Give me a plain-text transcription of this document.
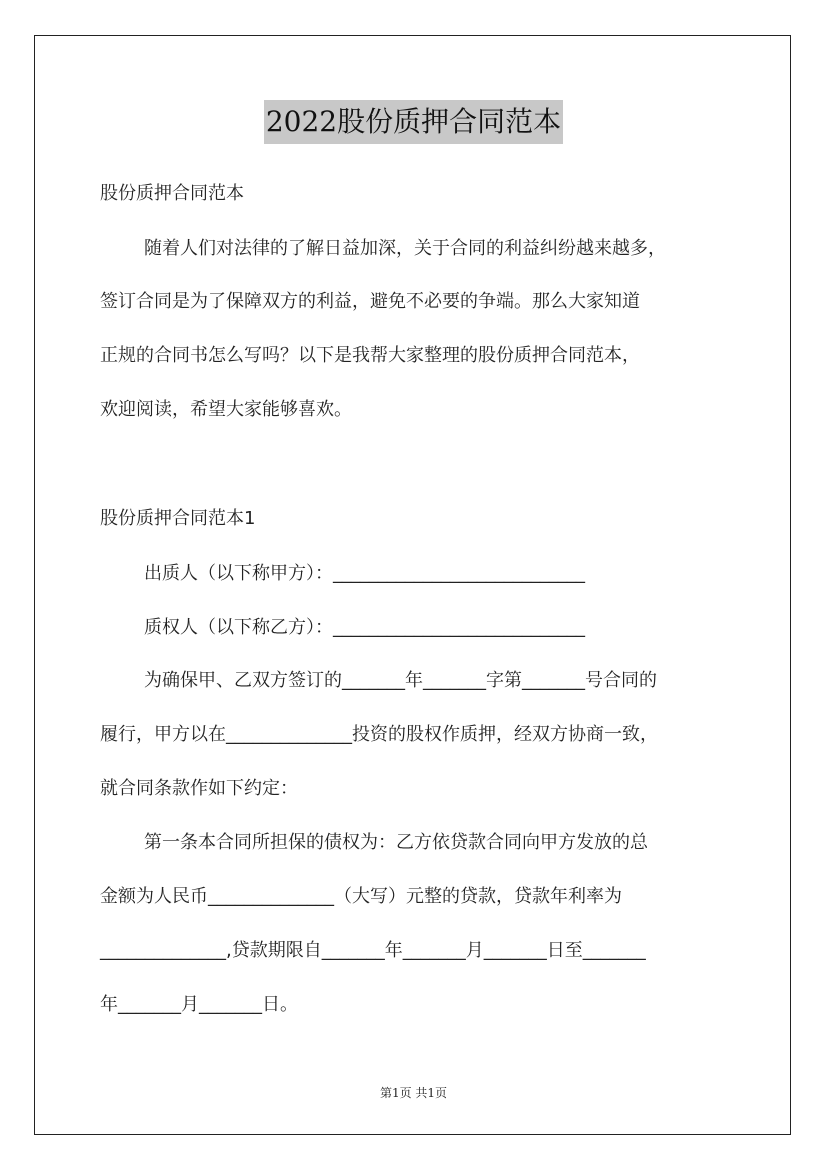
2022股份质押合同范本
股份质押合同范本
随着人们对法律的了解日益加深，关于合同的利益纠纷越来越多，
签订合同是为了保障双方的利益，避免不必要的争端。那么大家知道
正规的合同书怎么写吗？以下是我帮大家整理的股份质押合同范本，
欢迎阅读，希望大家能够喜欢。
股份质押合同范本1
出质人（以下称甲方）：____________________________
质权人（以下称乙方）：____________________________
为确保甲、乙双方签订的_______年_______字第_______号合同的
履行，甲方以在______________投资的股权作质押，经双方协商一致，
就合同条款作如下约定：
第一条本合同所担保的债权为：乙方依贷款合同向甲方发放的总
金额为人民币______________（大写）元整的贷款，贷款年利率为
______________,贷款期限自_______年_______月_______日至_______
年_______月_______日。
第1页 共1页
